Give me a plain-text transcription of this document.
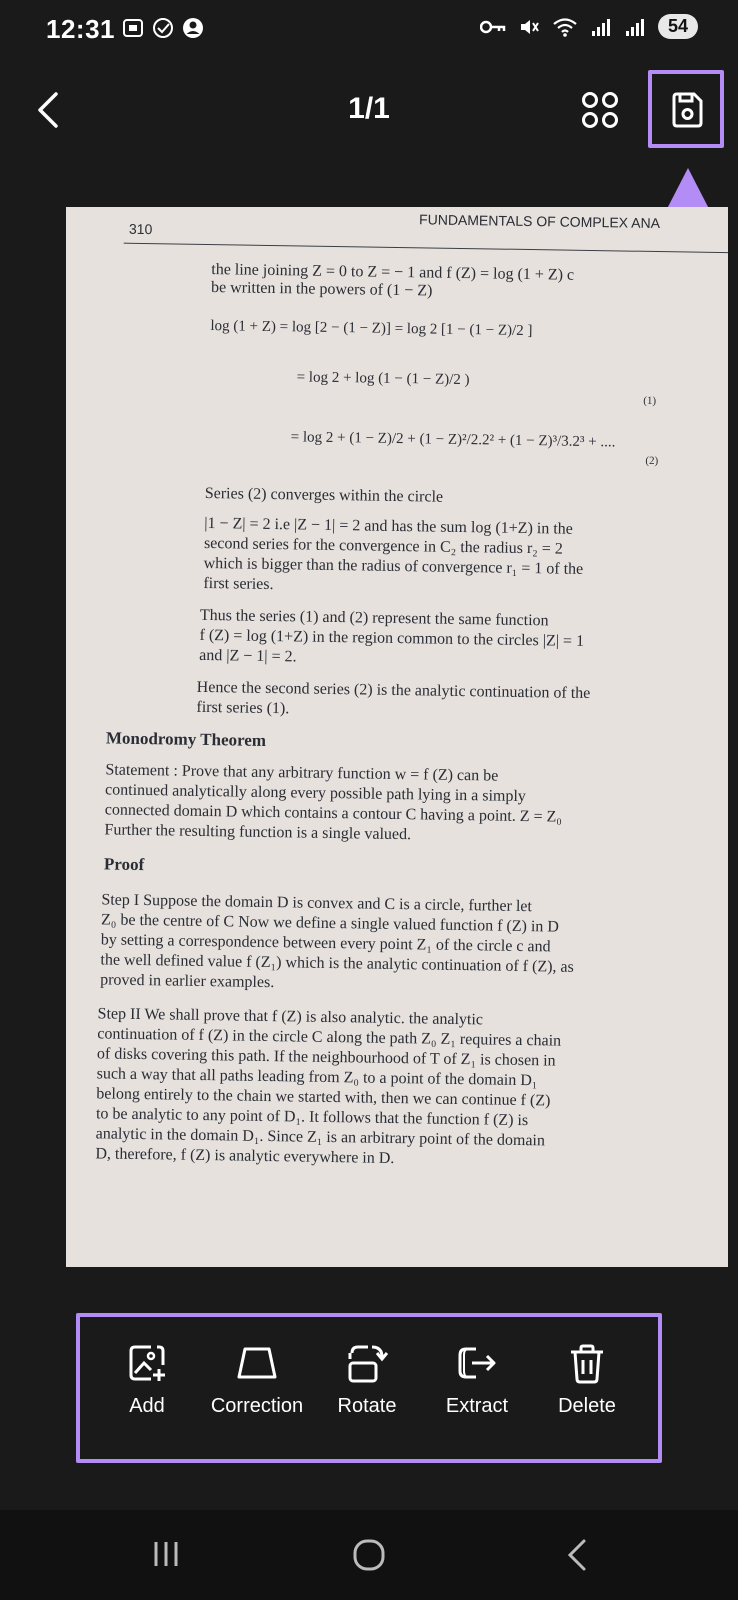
12:31	54
1/1
310	FUNDAMENTALS OF COMPLEX ANA
the line joining Z = 0 to Z = − 1 and f (Z) = log (1 + Z) c
be written in the powers of (1 − Z)
log (1 + Z) = log [2 − (1 − Z)] = log 2 [1 − (1 − Z)/2 ]
= log 2 + log (1 − (1 − Z)/2 )
(1)
= log 2 + (1 − Z)/2 + (1 − Z)²/2.2² + (1 − Z)³/3.2³ + ....
(2)
Series (2) converges within the circle
|1 − Z| = 2 i.e |Z − 1| = 2 and has the sum log (1+Z) in the
second series for the convergence in C₂ the radius r₂ = 2
which is bigger than the radius of convergence r₁ = 1 of the
first series.
Thus the series (1) and (2) represent the same function
f (Z) = log (1+Z) in the region common to the circles |Z| = 1
and |Z − 1| = 2.
Hence the second series (2) is the analytic continuation of the
first series (1).
Monodromy Theorem
Statement : Prove that any arbitrary function w = f (Z) can be
continued analytically along every possible path lying in a simply
connected domain D which contains a contour C having a point. Z = Z₀
Further the resulting function is a single valued.
Proof
Step I Suppose the domain D is convex and C is a circle, further let
Z₀ be the centre of C Now we define a single valued function f (Z) in D
by setting a correspondence between every point Z₁ of the circle c and
the well defined value f (Z₁) which is the analytic continuation of f (Z), as
proved in earlier examples.
Step II We shall prove that f (Z) is also analytic. the analytic
continuation of f (Z) in the circle C along the path Z₀ Z₁ requires a chain
of disks covering this path. If the neighbourhood of T of Z₁ is chosen in
such a way that all paths leading from Z₀ to a point of the domain D₁
belong entirely to the chain we started with, then we can continue f (Z)
to be analytic to any point of D₁. It follows that the function f (Z) is
analytic in the domain D₁. Since Z₁ is an arbitrary point of the domain
D, therefore, f (Z) is analytic everywhere in D.
Add	Correction	Rotate	Extract	Delete
